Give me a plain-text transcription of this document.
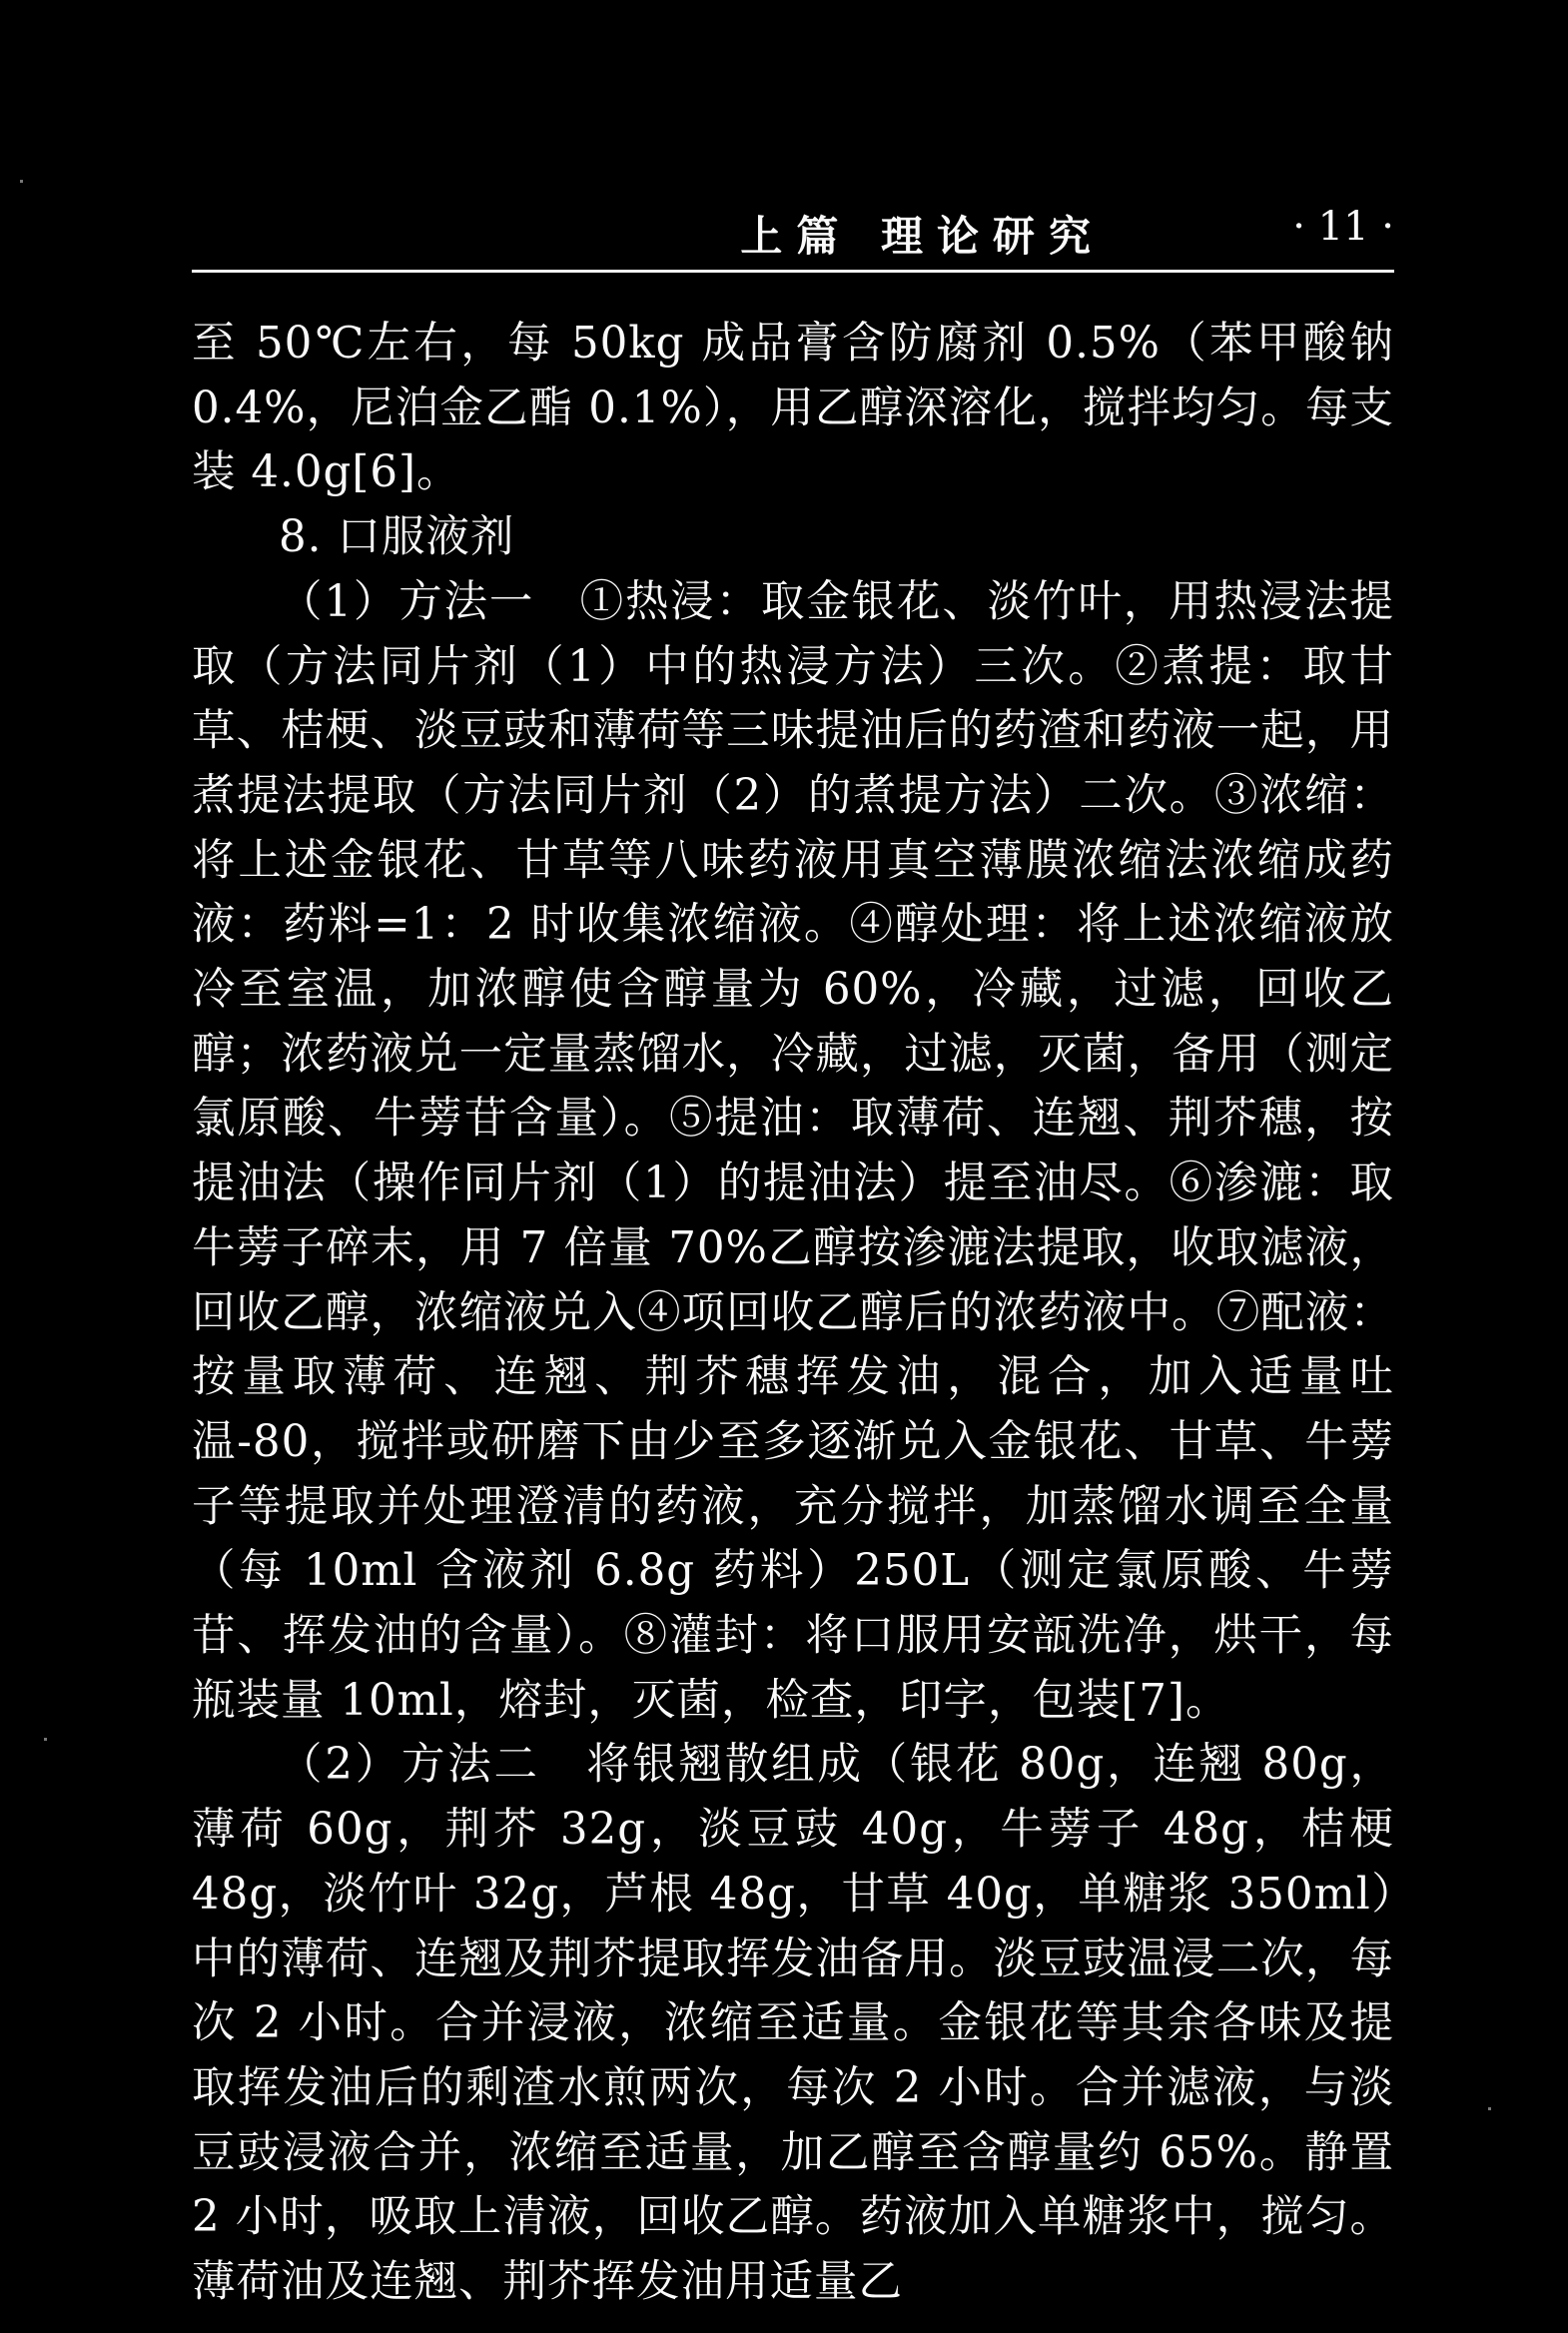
上篇 理论研究	· 11 ·

至 50℃左右，每 50kg 成品膏含防腐剂 0.5%（苯甲酸钠 0.4%，尼泊金乙酯 0.1%），用乙醇深溶化，搅拌均匀。每支装 4.0g[6]。

8. 口服液剂

（1）方法一　①热浸：取金银花、淡竹叶，用热浸法提取（方法同片剂（1）中的热浸方法）三次。②煮提：取甘草、桔梗、淡豆豉和薄荷等三味提油后的药渣和药液一起，用煮提法提取（方法同片剂（2）的煮提方法）二次。③浓缩：将上述金银花、甘草等八味药液用真空薄膜浓缩法浓缩成药液：药料=1：2 时收集浓缩液。④醇处理：将上述浓缩液放冷至室温，加浓醇使含醇量为 60%，冷藏，过滤，回收乙醇；浓药液兑一定量蒸馏水，冷藏，过滤，灭菌，备用（测定氯原酸、牛蒡苷含量）。⑤提油：取薄荷、连翘、荆芥穗，按提油法（操作同片剂（1）的提油法）提至油尽。⑥渗漉：取牛蒡子碎末，用 7 倍量 70%乙醇按渗漉法提取，收取滤液，回收乙醇，浓缩液兑入④项回收乙醇后的浓药液中。⑦配液：按量取薄荷、连翘、荆芥穗挥发油，混合，加入适量吐温-80，搅拌或研磨下由少至多逐渐兑入金银花、甘草、牛蒡子等提取并处理澄清的药液，充分搅拌，加蒸馏水调至全量（每 10ml 含液剂 6.8g 药料）250L（测定氯原酸、牛蒡苷、挥发油的含量）。⑧灌封：将口服用安瓿洗净，烘干，每瓶装量 10ml，熔封，灭菌，检查，印字，包装[7]。

（2）方法二　将银翘散组成（银花 80g，连翘 80g，薄荷 60g，荆芥 32g，淡豆豉 40g，牛蒡子 48g，桔梗 48g，淡竹叶 32g，芦根 48g，甘草 40g，单糖浆 350ml）中的薄荷、连翘及荆芥提取挥发油备用。淡豆豉温浸二次，每次 2 小时。合并浸液，浓缩至适量。金银花等其余各味及提取挥发油后的剩渣水煎两次，每次 2 小时。合并滤液，与淡豆豉浸液合并，浓缩至适量，加乙醇至含醇量约 65%。静置 2 小时，吸取上清液，回收乙醇。药液加入单糖浆中，搅匀。薄荷油及连翘、荆芥挥发油用适量乙
